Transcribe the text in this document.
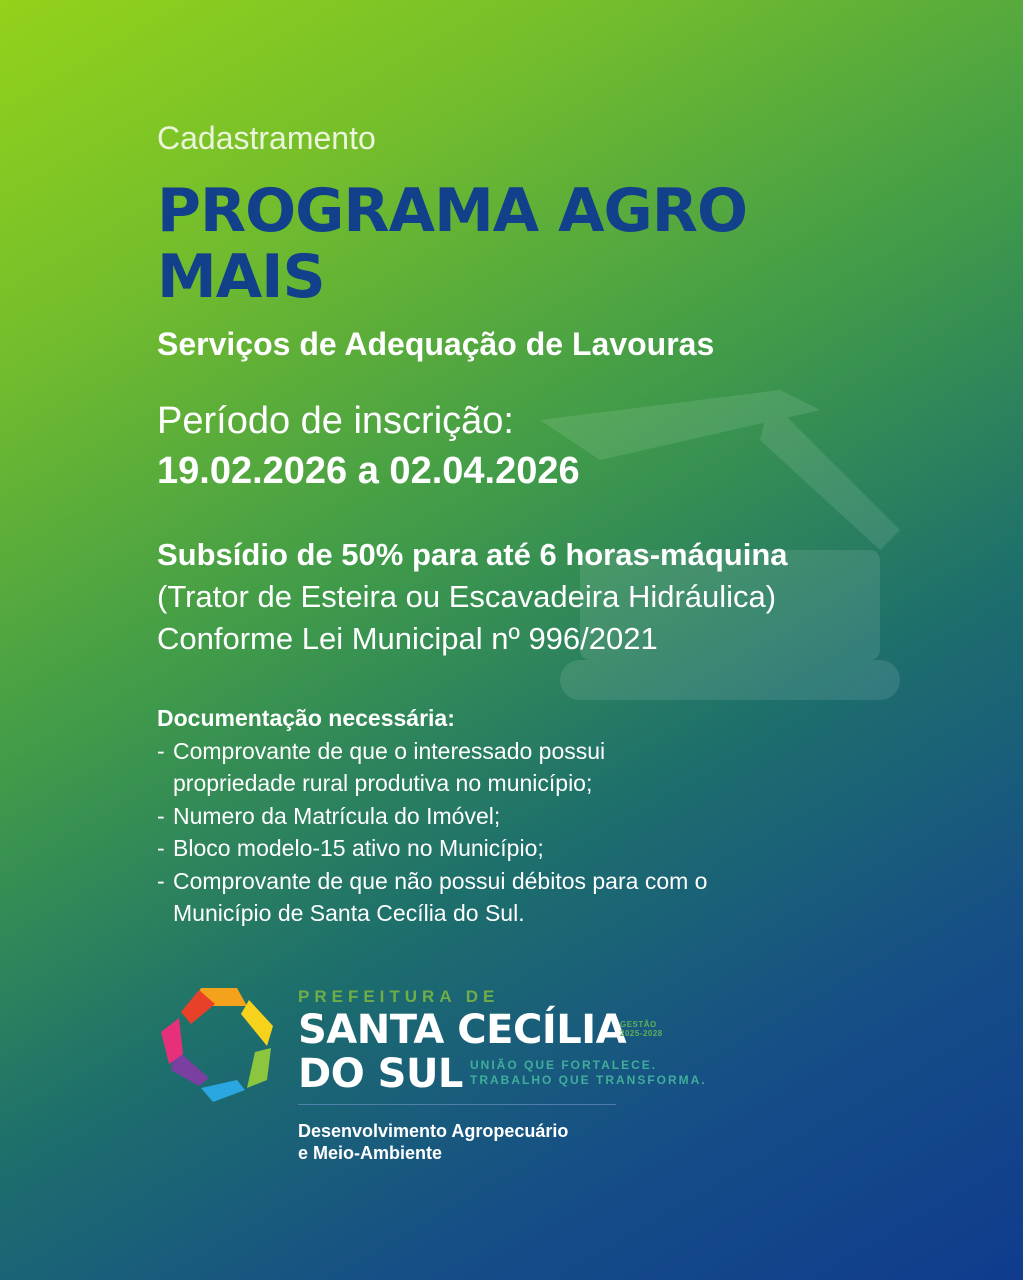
Cadastramento
PROGRAMA AGRO MAIS
Serviços de Adequação de Lavouras
Período de inscrição:
19.02.2026 a 02.04.2026
Subsídio de 50% para até 6 horas-máquina
(Trator de Esteira ou Escavadeira Hidráulica)
Conforme Lei Municipal nº 996/2021
Documentação necessária:
- Comprovante de que o interessado possui propriedade rural produtiva no município;
- Numero da Matrícula do Imóvel;
- Bloco modelo-15 ativo no Município;
- Comprovante de que não possui débitos para com o Município de Santa Cecília do Sul.
PREFEITURA DE
SANTA CECÍLIA
DO SUL
GESTÃO
2025-2028
UNIÃO QUE FORTALECE.
TRABALHO QUE TRANSFORMA.
Desenvolvimento Agropecuário
e Meio-Ambiente
